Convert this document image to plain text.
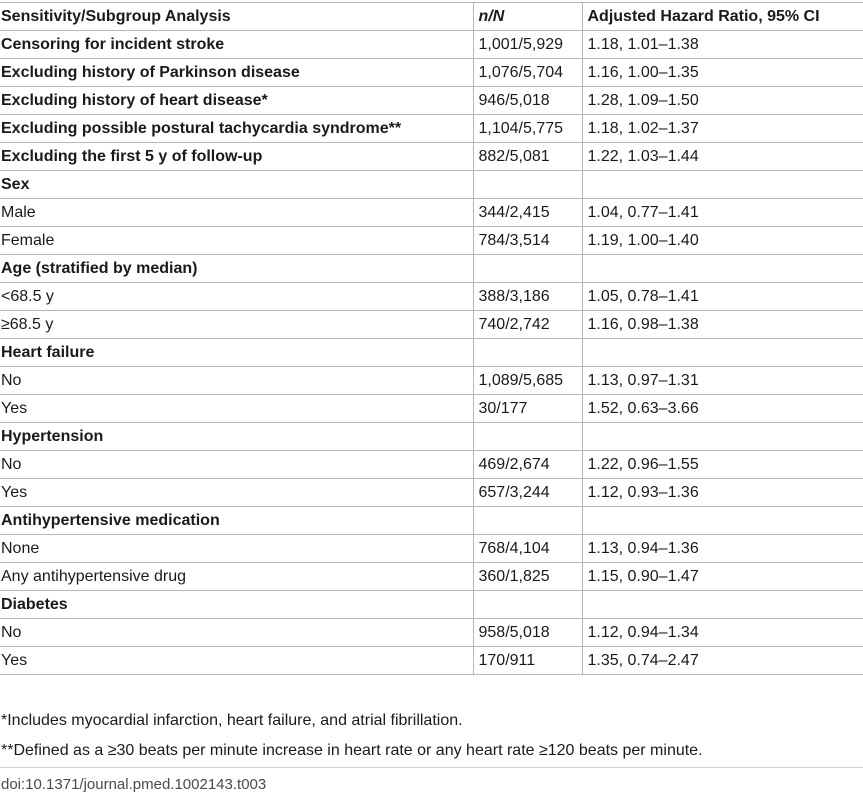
Sensitivity/Subgroup Analysis	n/N	Adjusted Hazard Ratio, 95% CI
Censoring for incident stroke	1,001/5,929	1.18, 1.01–1.38
Excluding history of Parkinson disease	1,076/5,704	1.16, 1.00–1.35
Excluding history of heart disease*	946/5,018	1.28, 1.09–1.50
Excluding possible postural tachycardia syndrome**	1,104/5,775	1.18, 1.02–1.37
Excluding the first 5 y of follow-up	882/5,081	1.22, 1.03–1.44
Sex		
Male	344/2,415	1.04, 0.77–1.41
Female	784/3,514	1.19, 1.00–1.40
Age (stratified by median)		
<68.5 y	388/3,186	1.05, 0.78–1.41
≥68.5 y	740/2,742	1.16, 0.98–1.38
Heart failure		
No	1,089/5,685	1.13, 0.97–1.31
Yes	30/177	1.52, 0.63–3.66
Hypertension		
No	469/2,674	1.22, 0.96–1.55
Yes	657/3,244	1.12, 0.93–1.36
Antihypertensive medication		
None	768/4,104	1.13, 0.94–1.36
Any antihypertensive drug	360/1,825	1.15, 0.90–1.47
Diabetes		
No	958/5,018	1.12, 0.94–1.34
Yes	170/911	1.35, 0.74–2.47
*Includes myocardial infarction, heart failure, and atrial fibrillation.
**Defined as a ≥30 beats per minute increase in heart rate or any heart rate ≥120 beats per minute.
doi:10.1371/journal.pmed.1002143.t003
